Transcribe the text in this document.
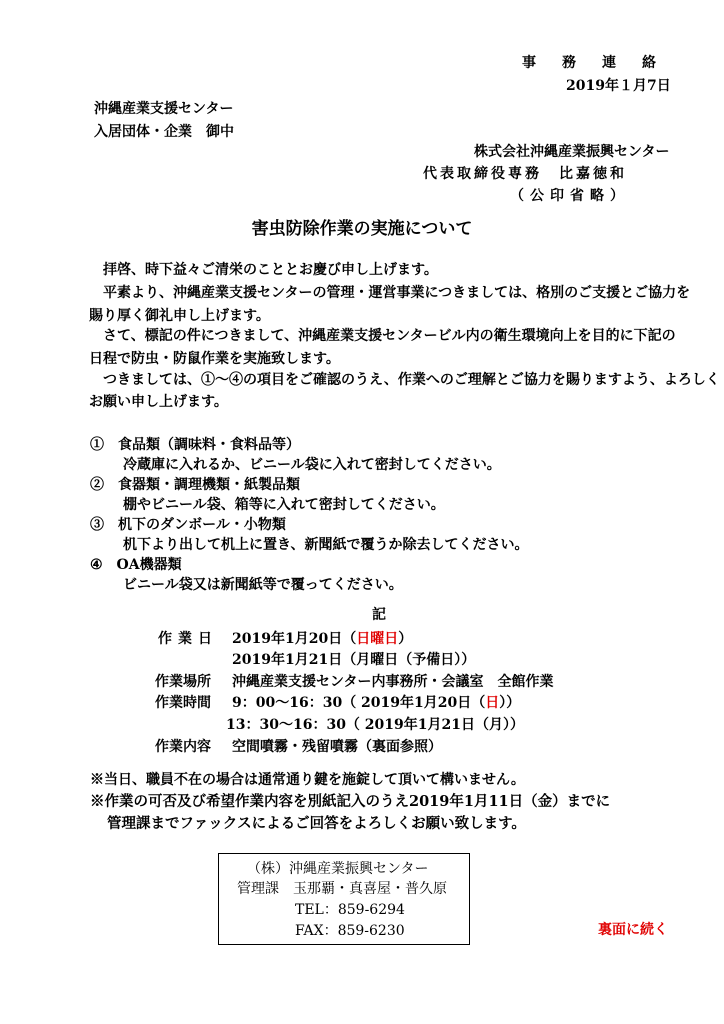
事務連絡
2019年１月7日
沖縄産業支援センター
入居団体・企業　御中
株式会社沖縄産業振興センター
代表取締役専務　比嘉徳和
（公印省略）
害虫防除作業の実施について
拝啓、時下益々ご清栄のこととお慶び申し上げます。
平素より、沖縄産業支援センターの管理・運営事業につきましては、格別のご支援とご協力を
賜り厚く御礼申し上げます。
さて、標記の件につきまして、沖縄産業支援センタービル内の衛生環境向上を目的に下記の
日程で防虫・防鼠作業を実施致します。
つきましては、①～④の項目をご確認のうえ、作業へのご理解とご協力を賜りますよう、よろしく
お願い申し上げます。
①　食品類（調味料・食料品等）
冷蔵庫に入れるか、ビニール袋に入れて密封してください。
②　食器類・調理機類・紙製品類
棚やビニール袋、箱等に入れて密封してください。
③　机下のダンボール・小物類
机下より出して机上に置き、新聞紙で覆うか除去してください。
④　OA機器類
ビニール袋又は新聞紙等で覆ってください。
記
作業日 2019年1月20日（日曜日）
2019年1月21日（月曜日（予備日））
作業場所 沖縄産業支援センター内事務所・会議室　全館作業
作業時間 9：00～16：30（ 2019年1月20日（日））
13：30～16：30（ 2019年1月21日（月））
作業内容 空間噴霧・残留噴霧（裏面参照）
※当日、職員不在の場合は通常通り鍵を施錠して頂いて構いません。
※作業の可否及び希望作業内容を別紙記入のうえ2019年1月11日（金）までに
管理課までファックスによるご回答をよろしくお願い致します。
（株）沖縄産業振興センター
管理課　玉那覇・真喜屋・普久原
TEL：859-6294
FAX：859-6230	裏面に続く
